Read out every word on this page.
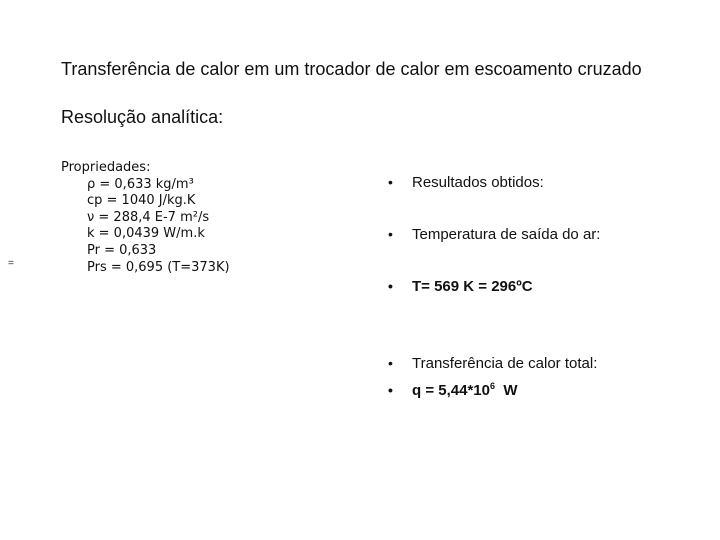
Transferência de calor em um trocador de calor em escoamento cruzado
Resolução analítica:
=
Propriedades:
ρ = 0,633 kg/m³
cp = 1040 J/kg.K
ν = 288,4 E-7 m²/s
k = 0,0439 W/m.k
Pr = 0,633
Prs = 0,695 (T=373K)
• Resultados obtidos:
• Temperatura de saída do ar:
• T= 569 K = 296ºC
• Transferência de calor total:
• $q = 5,44*10^6$ W
